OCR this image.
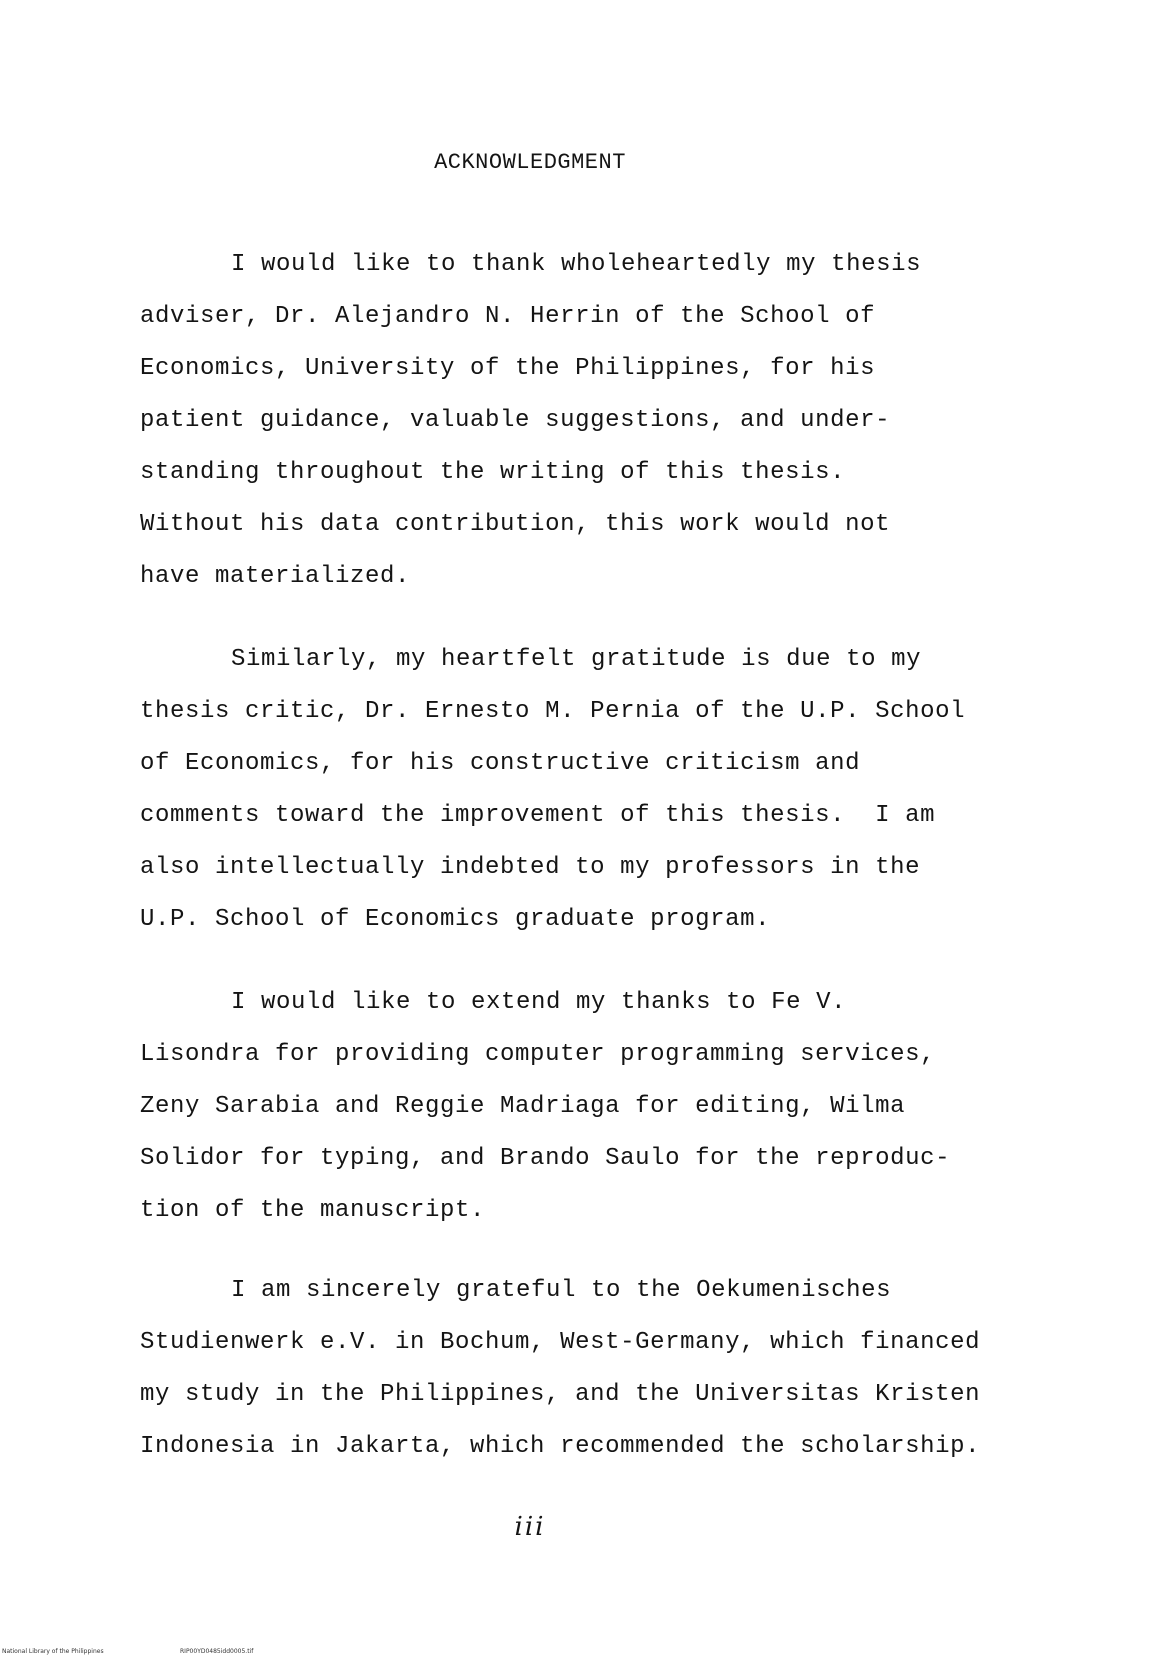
ACKNOWLEDGMENT
I would like to thank wholeheartedly my thesis
adviser, Dr. Alejandro N. Herrin of the School of
Economics, University of the Philippines, for his
patient guidance, valuable suggestions, and under-
standing throughout the writing of this thesis.
Without his data contribution, this work would not
have materialized.
Similarly, my heartfelt gratitude is due to my
thesis critic, Dr. Ernesto M. Pernia of the U.P. School
of Economics, for his constructive criticism and
comments toward the improvement of this thesis.  I am
also intellectually indebted to my professors in the
U.P. School of Economics graduate program.
I would like to extend my thanks to Fe V.
Lisondra for providing computer programming services,
Zeny Sarabia and Reggie Madriaga for editing, Wilma
Solidor for typing, and Brando Saulo for the reproduc-
tion of the manuscript.
I am sincerely grateful to the Oekumenisches
Studienwerk e.V. in Bochum, West-Germany, which financed
my study in the Philippines, and the Universitas Kristen
Indonesia in Jakarta, which recommended the scholarship.
iii
National Library of the Philippines	RIP00YD0485idd0005.tif
